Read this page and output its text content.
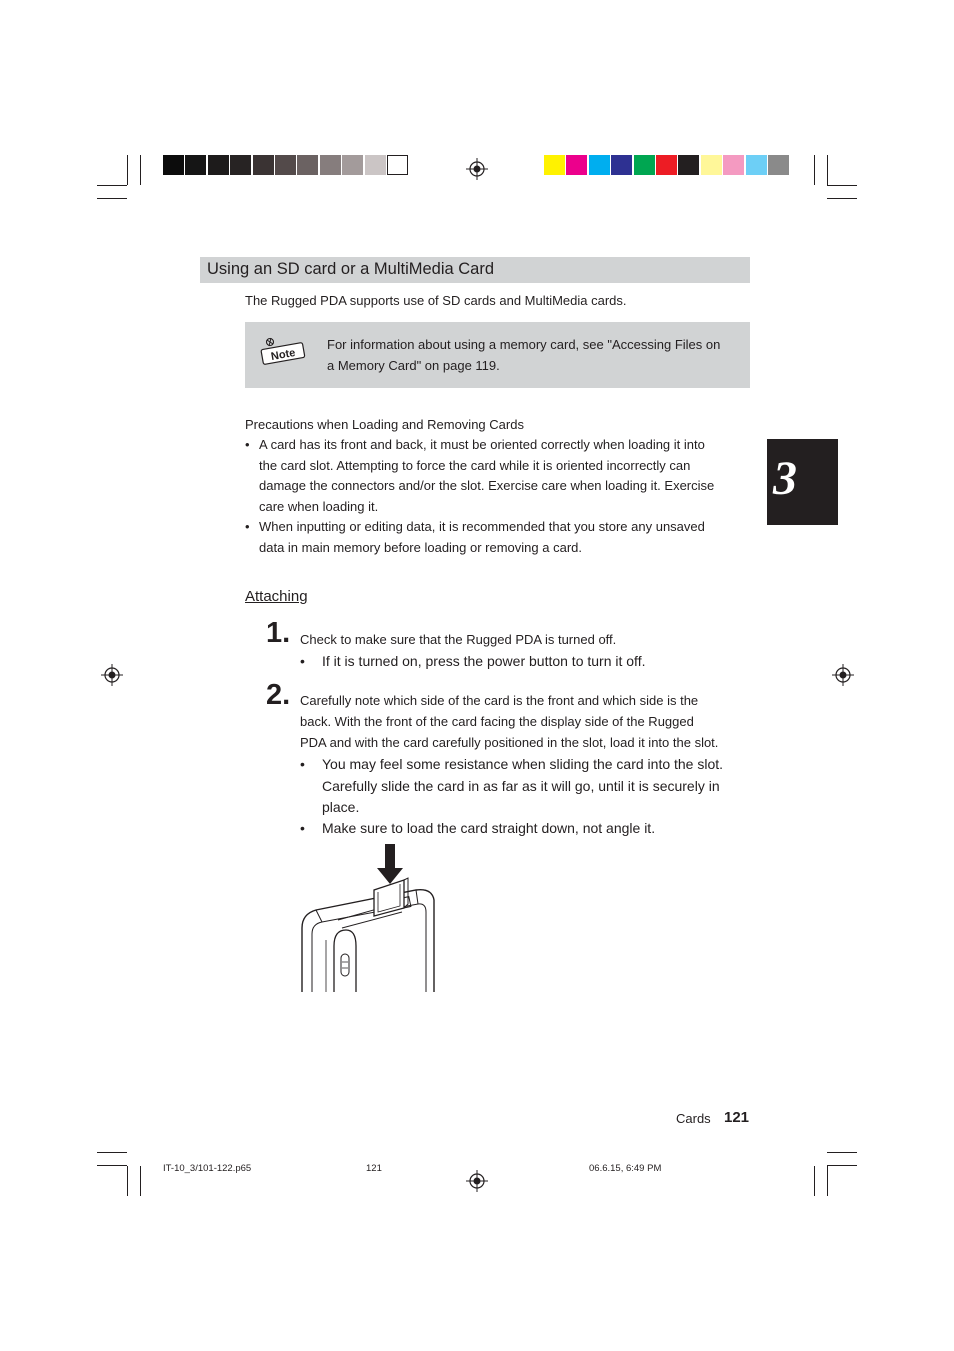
Using an SD card or a MultiMedia Card
The Rugged PDA supports use of SD cards and MultiMedia cards.
Note
For information about using a memory card, see "Accessing Files on
a Memory Card" on page 119.
Precautions when Loading and Removing Cards
• A card has its front and back, it must be oriented correctly when loading it into
the card slot. Attempting to force the card while it is oriented incorrectly can
damage the connectors and/or the slot. Exercise care when loading it. Exercise
care when loading it.
• When inputting or editing data, it is recommended that you store any unsaved
data in main memory before loading or removing a card.
3
Attaching
1. Check to make sure that the Rugged PDA is turned off.
•	If it is turned on, press the power button to turn it off.
2. Carefully note which side of the card is the front and which side is the
back. With the front of the card facing the display side of the Rugged
PDA and with the card carefully positioned in the slot, load it into the slot.
• You may feel some resistance when sliding the card into the slot.
Carefully slide the card in as far as it will go, until it is securely in
place.
•	Make sure to load the card straight down, not angle it.
Cards 121
IT-10_3/101-122.p65	121	06.6.15, 6:49 PM
